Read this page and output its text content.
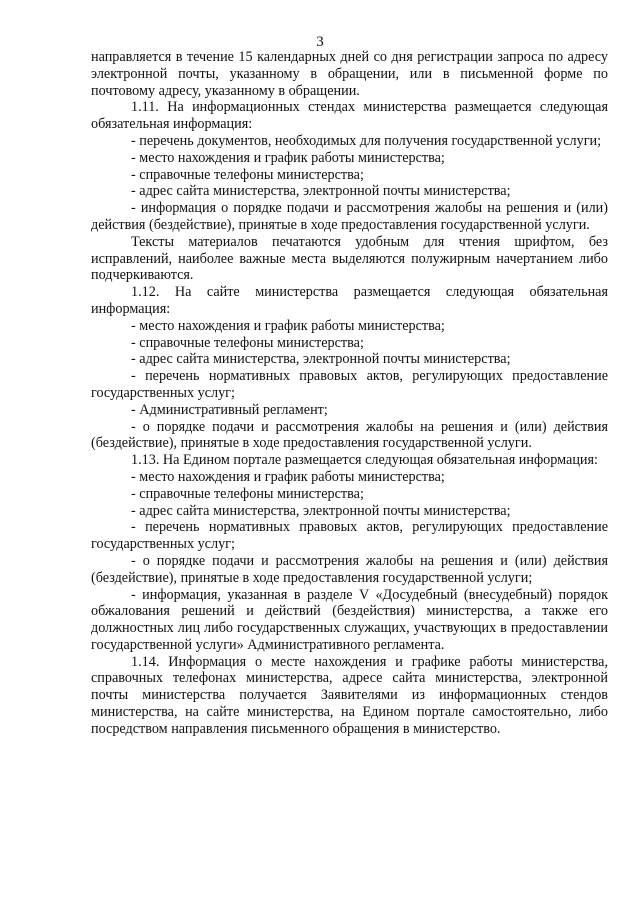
3

направляется в течение 15 календарных дней со дня регистрации запроса по адресу электронной почты, указанному в обращении, или в письменной форме по почтовому адресу, указанному в обращении.

1.11. На информационных стендах министерства размещается следующая обязательная информация:

- перечень документов, необходимых для получения государственной услуги;

- место нахождения и график работы министерства;

- справочные телефоны министерства;

- адрес сайта министерства, электронной почты министерства;

- информация о порядке подачи и рассмотрения жалобы на решения и (или) действия (бездействие), принятые в ходе предоставления государственной услуги.

Тексты материалов печатаются удобным для чтения шрифтом, без исправлений, наиболее важные места выделяются полужирным начертанием либо подчеркиваются.

1.12. На сайте министерства размещается следующая обязательная информация:

- место нахождения и график работы министерства;

- справочные телефоны министерства;

- адрес сайта министерства, электронной почты министерства;

- перечень нормативных правовых актов, регулирующих предоставление государственных услуг;

- Административный регламент;

- о порядке подачи и рассмотрения жалобы на решения и (или) действия (бездействие), принятые в ходе предоставления государственной услуги.

1.13. На Едином портале размещается следующая обязательная информация:

- место нахождения и график работы министерства;

- справочные телефоны министерства;

- адрес сайта министерства, электронной почты министерства;

- перечень нормативных правовых актов, регулирующих предоставление государственных услуг;

- о порядке подачи и рассмотрения жалобы на решения и (или) действия (бездействие), принятые в ходе предоставления государственной услуги;

- информация, указанная в разделе V «Досудебный (внесудебный) порядок обжалования решений и действий (бездействия) министерства, а также его должностных лиц либо государственных служащих, участвующих в предоставлении государственной услуги» Административного регламента.

1.14. Информация о месте нахождения и графике работы министерства, справочных телефонах министерства, адресе сайта министерства, электронной почты министерства получается Заявителями из информационных стендов министерства, на сайте министерства, на Едином портале самостоятельно, либо посредством направления письменного обращения в министерство.
